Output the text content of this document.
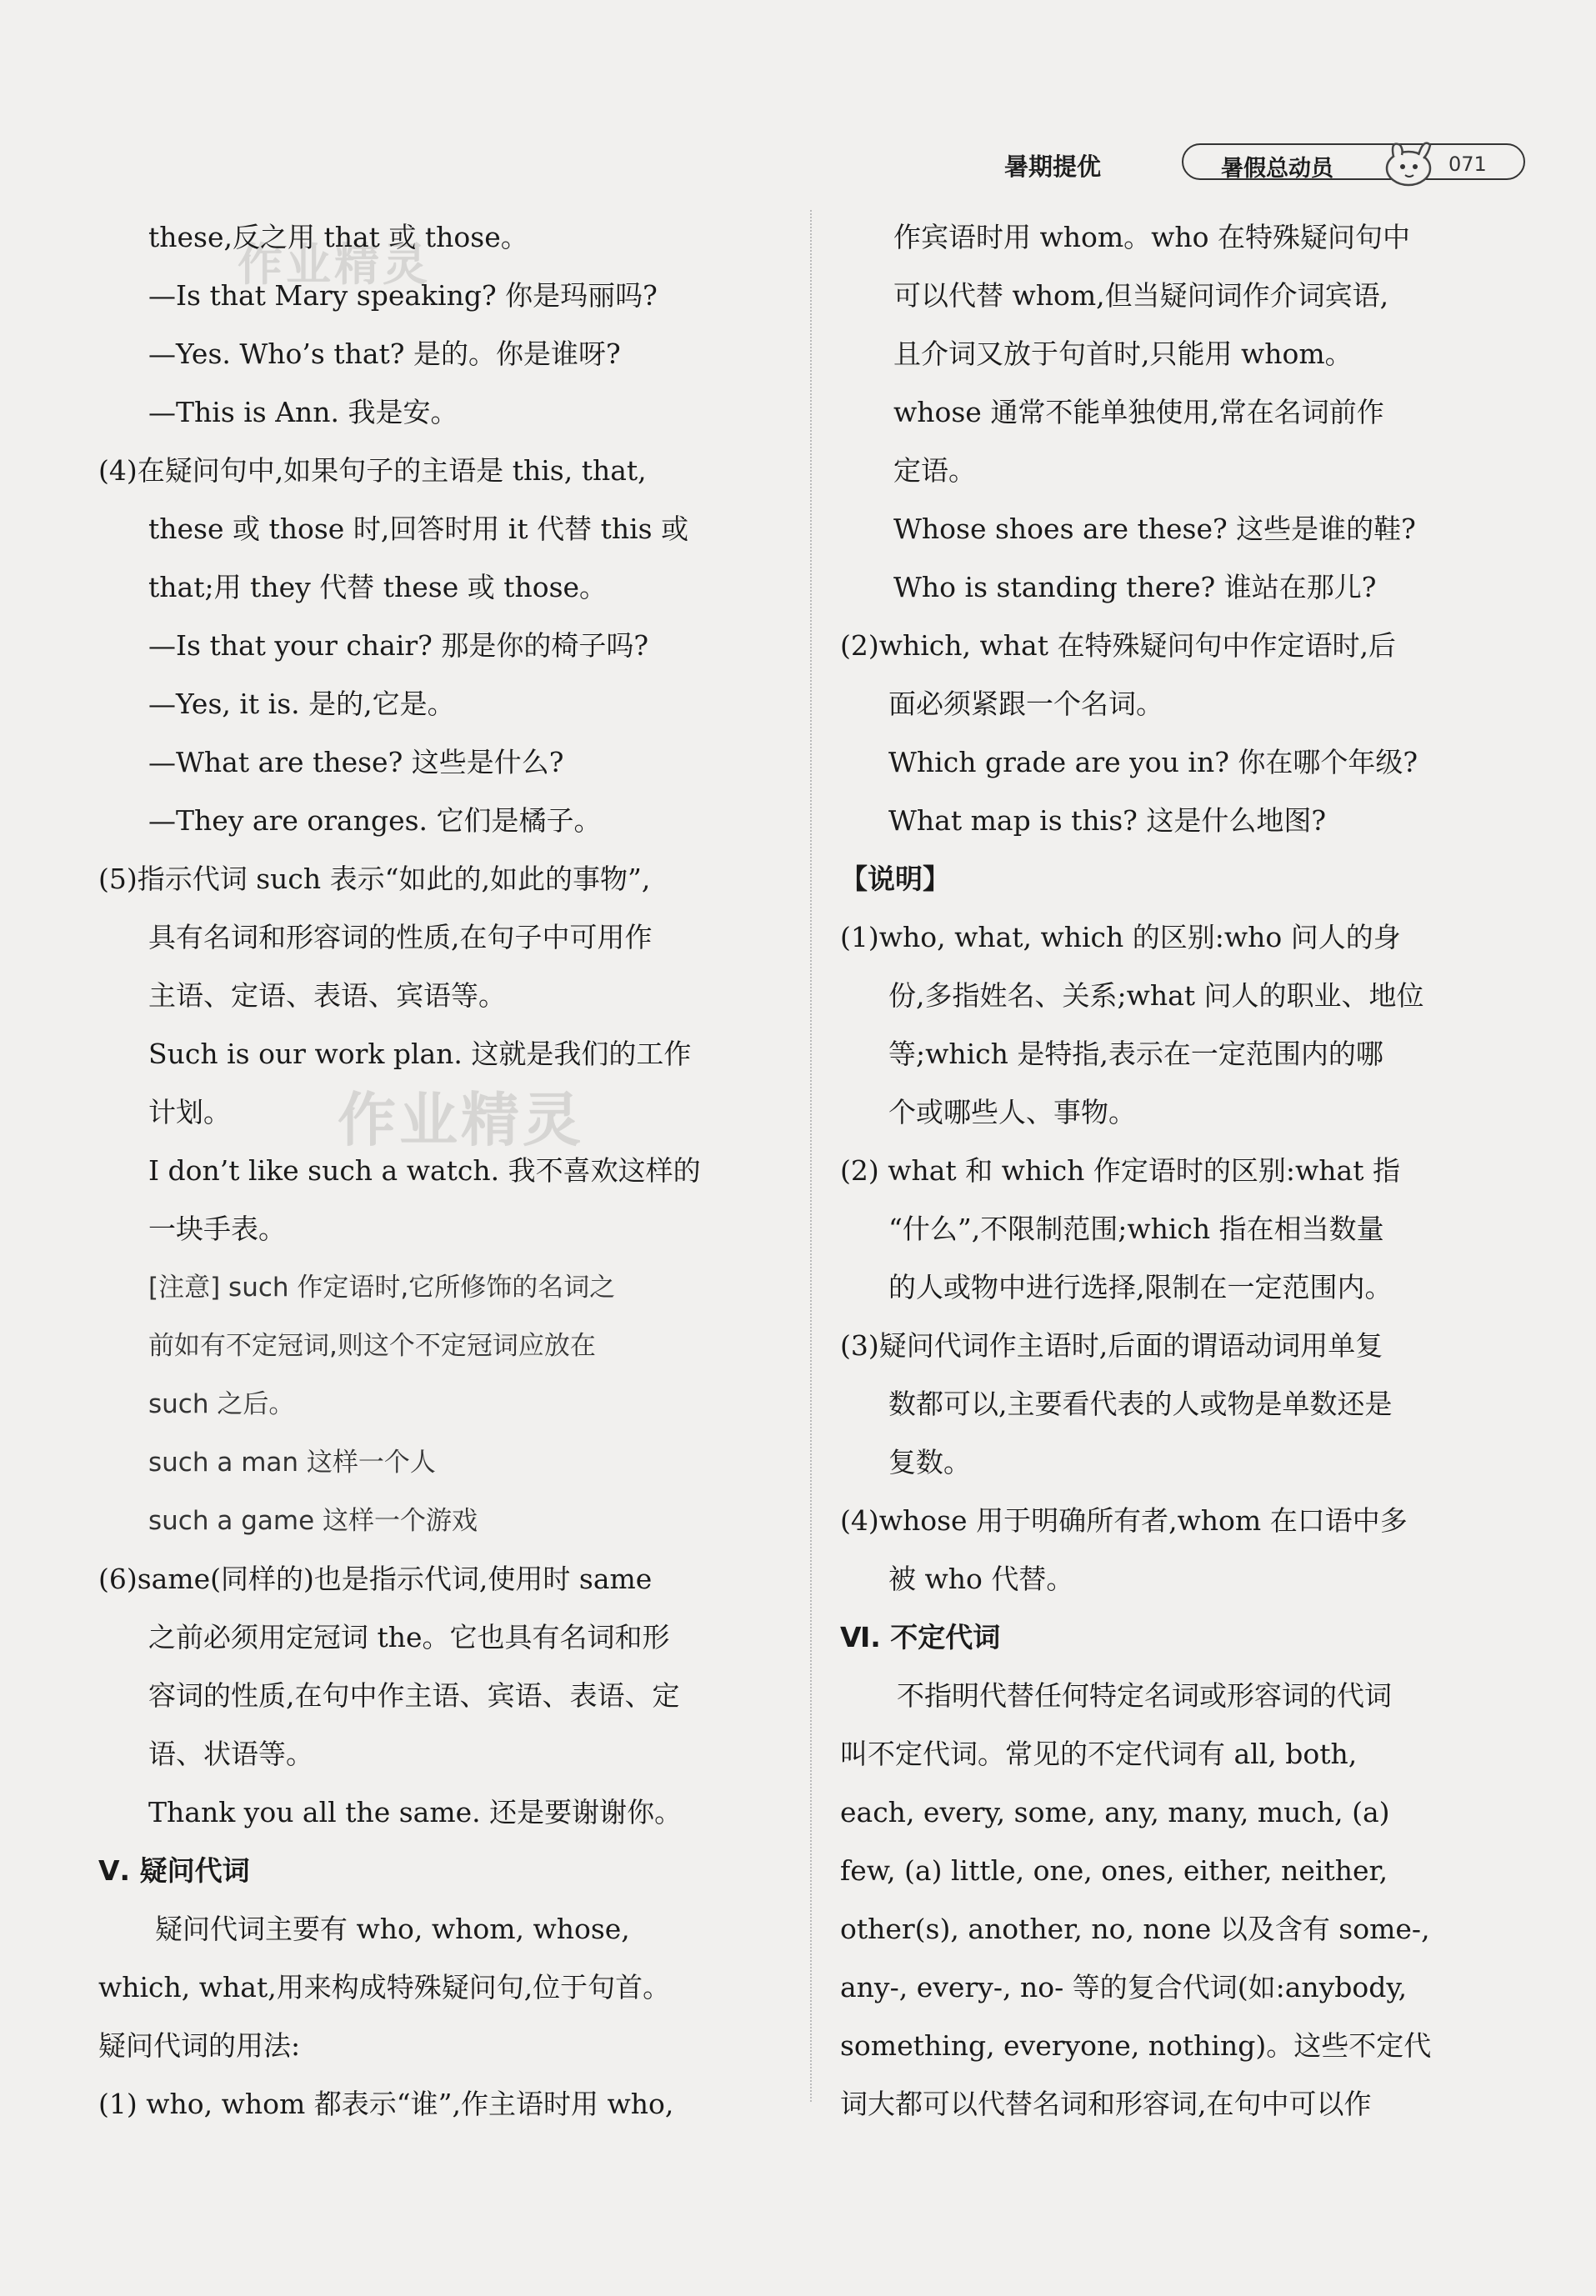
暑期提优	暑假总动员	071
作业精灵
作业精灵
these,反之用 that 或 those。
—Is that Mary speaking? 你是玛丽吗?
—Yes. Who’s that? 是的。你是谁呀?
—This is Ann. 我是安。
(4)在疑问句中,如果句子的主语是 this, that,
these 或 those 时,回答时用 it 代替 this 或
that;用 they 代替 these 或 those。
—Is that your chair? 那是你的椅子吗?
—Yes, it is. 是的,它是。
—What are these? 这些是什么?
—They are oranges. 它们是橘子。
(5)指示代词 such 表示“如此的,如此的事物”,
具有名词和形容词的性质,在句子中可用作
主语、定语、表语、宾语等。
Such is our work plan. 这就是我们的工作
计划。
I don’t like such a watch. 我不喜欢这样的
一块手表。
[注意] such 作定语时,它所修饰的名词之
前如有不定冠词,则这个不定冠词应放在
such 之后。
such a man 这样一个人
such a game 这样一个游戏
(6)same(同样的)也是指示代词,使用时 same
之前必须用定冠词 the。它也具有名词和形
容词的性质,在句中作主语、宾语、表语、定
语、状语等。
Thank you all the same. 还是要谢谢你。
Ⅴ. 疑问代词
疑问代词主要有 who, whom, whose,
which, what,用来构成特殊疑问句,位于句首。
疑问代词的用法:
(1) who, whom 都表示“谁”,作主语时用 who,
作宾语时用 whom。who 在特殊疑问句中
可以代替 whom,但当疑问词作介词宾语,
且介词又放于句首时,只能用 whom。
whose 通常不能单独使用,常在名词前作
定语。
Whose shoes are these? 这些是谁的鞋?
Who is standing there? 谁站在那儿?
(2)which, what 在特殊疑问句中作定语时,后
面必须紧跟一个名词。
Which grade are you in? 你在哪个年级?
What map is this? 这是什么地图?
【说明】
(1)who, what, which 的区别:who 问人的身
份,多指姓名、关系;what 问人的职业、地位
等;which 是特指,表示在一定范围内的哪
个或哪些人、事物。
(2) what 和 which 作定语时的区别:what 指
“什么”,不限制范围;which 指在相当数量
的人或物中进行选择,限制在一定范围内。
(3)疑问代词作主语时,后面的谓语动词用单复
数都可以,主要看代表的人或物是单数还是
复数。
(4)whose 用于明确所有者,whom 在口语中多
被 who 代替。
Ⅵ. 不定代词
不指明代替任何特定名词或形容词的代词
叫不定代词。常见的不定代词有 all, both,
each, every, some, any, many, much, (a)
few, (a) little, one, ones, either, neither,
other(s), another, no, none 以及含有 some-,
any-, every-, no- 等的复合代词(如:anybody,
something, everyone, nothing)。这些不定代
词大都可以代替名词和形容词,在句中可以作
